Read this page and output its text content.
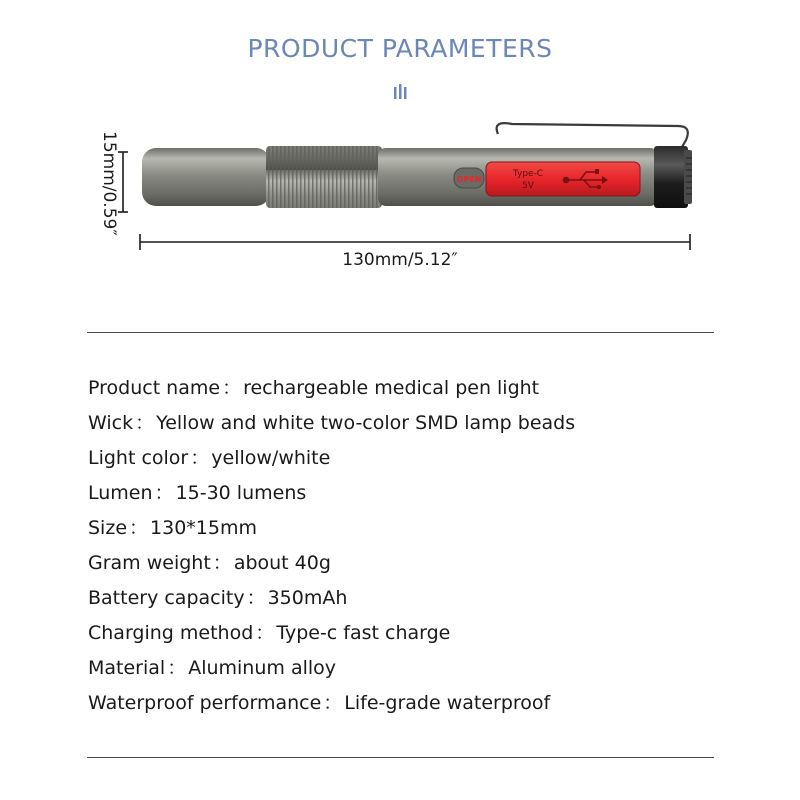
PRODUCT PARAMETERS
OPEN
Type-C
5V
15mm/0.59″
130mm/5.12″
Product name ： rechargeable medical pen light
Wick ： Yellow and white two-color SMD lamp beads
Light color ： yellow/white
Lumen ： 15-30 lumens
Size ： 130*15mm
Gram weight ： about 40g
Battery capacity ： 350mAh
Charging method ： Type-c fast charge
Material ： Aluminum alloy
Waterproof performance ： Life-grade waterproof
